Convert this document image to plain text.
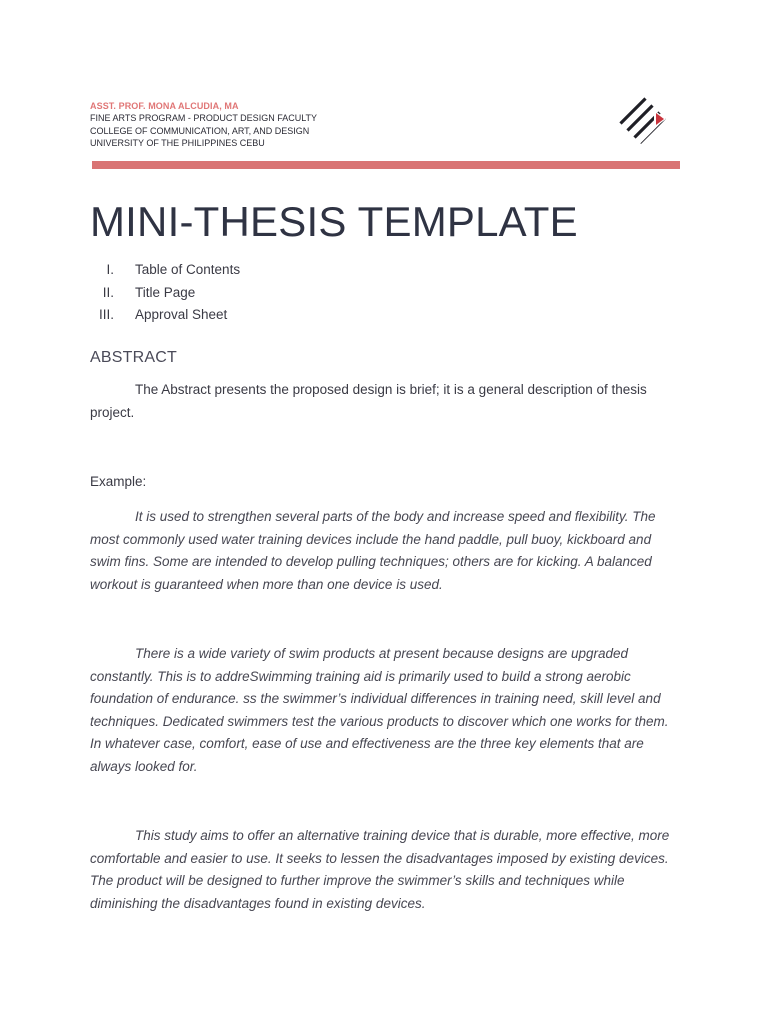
ASST. PROF. MONA ALCUDIA, MA
FINE ARTS PROGRAM - PRODUCT DESIGN FACULTY
COLLEGE OF COMMUNICATION, ART, AND DESIGN
UNIVERSITY OF THE PHILIPPINES CEBU
MINI-THESIS TEMPLATE
I. Table of Contents
II. Title Page
III. Approval Sheet
ABSTRACT

The Abstract presents the proposed design is brief; it is a general description of thesis project.

Example:

It is used to strengthen several parts of the body and increase speed and flexibility. The most commonly used water training devices include the hand paddle, pull buoy, kickboard and swim fins. Some are intended to develop pulling techniques; others are for kicking. A balanced workout is guaranteed when more than one device is used.

There is a wide variety of swim products at present because designs are upgraded constantly. This is to addreSwimming training aid is primarily used to build a strong aerobic foundation of endurance. ss the swimmer’s individual differences in training need, skill level and techniques. Dedicated swimmers test the various products to discover which one works for them. In whatever case, comfort, ease of use and effectiveness are the three key elements that are always looked for.

This study aims to offer an alternative training device that is durable, more effective, more comfortable and easier to use. It seeks to lessen the disadvantages imposed by existing devices. The product will be designed to further improve the swimmer’s skills and techniques while diminishing the disadvantages found in existing devices.
